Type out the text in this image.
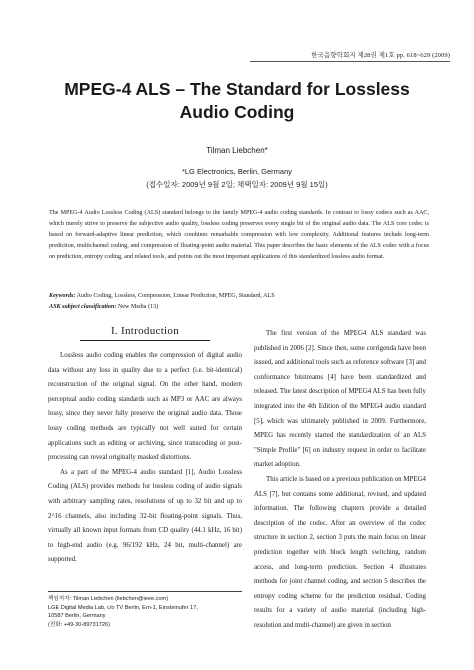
한국음향학회지 제28권 제1호 pp. 618~629 (2009)
MPEG-4 ALS – The Standard for Lossless
Audio Coding
Tilman Liebchen*
*LG Electronics, Berlin, Germany
(접수일자: 2009년 9월 2일; 채택일자: 2009년 9월 15일)
The MPEG-4 Audio Lossless Coding (ALS) standard belongs to the family MPEG-4 audio coding standards. In contrast to lossy codecs such as AAC, which merely strive to preserve the subjective audio quality, lossless coding preserves every single bit of the original audio data. The ALS core codec is based on forward-adaptive linear prediction, which combines remarkable compression with low complexity. Additional features include long-term prediction, multichannel coding, and compression of floating-point audio material. This paper describes the basic elements of the ALS codec with a focus on prediction, entropy coding, and related tools, and points out the most important applications of this standardized lossless audio format.
Keywords: Audio Coding, Lossless, Compression, Linear Prediction, MPEG, Standard, ALS
ASK subject classification: New Media (13)
I. Introduction

Lossless audio coding enables the compression of digital audio data without any loss in quality due to a perfect (i.e. bit-identical) reconstruction of the original signal. On the other hand, modern perceptual audio coding standards such as MP3 or AAC are always lossy, since they never fully preserve the original audio data. Those lossy coding methods are typically not well suited for certain applications such as editing or archiving, since transcoding or post-processing can reveal originally masked distortions.

As a part of the MPEG-4 audio standard [1], Audio Lossless Coding (ALS) provides methods for lossless coding of audio signals with arbitrary sampling rates, resolutions of up to 32 bit and up to 2^16 channels, also including 32-bit floating-point signals. Thus, virtually all known input formats from CD quality (44.1 kHz, 16 bit) to high-end audio (e.g. 96/192 kHz, 24 bit, multi-channel) are supported.

The first version of the MPEG4 ALS standard was published in 2006 [2]. Since then, some corrigenda have been issued, and additional tools such as reference software [3] and conformance bitstreams [4] have been standardized and released. The latest description of MPEG4 ALS has been fully integrated into the 4th Edition of the MPEG4 audio standard [5], which was ultimately published in 2009. Furthermore, MPEG has recently started the standardization of an ALS "Simple Profile" [6] on industry request in order to facilitate market adoption.

This article is based on a previous publication on MPEG4 ALS [7], but contains some additional, revised, and updated information. The following chapters provide a detailed description of the codec. After an overview of the codec structure in section 2, section 3 puts the main focus on linear prediction together with block length switching, random access, and long-term prediction. Section 4 illustrates methods for joint channel coding, and section 5 describes the entropy coding scheme for the prediction residual. Coding results for a variety of audio material (including high-resolution and multi-channel) are given in section

책임저자: Tilman Liebchen (liebchen@ieee.com)
LGE Digital Media Lab, c/o TV Berlin, Ern-1, Einsteinufer 17,
10587 Berlin, Germany
(전화: +49-30-89731726)
